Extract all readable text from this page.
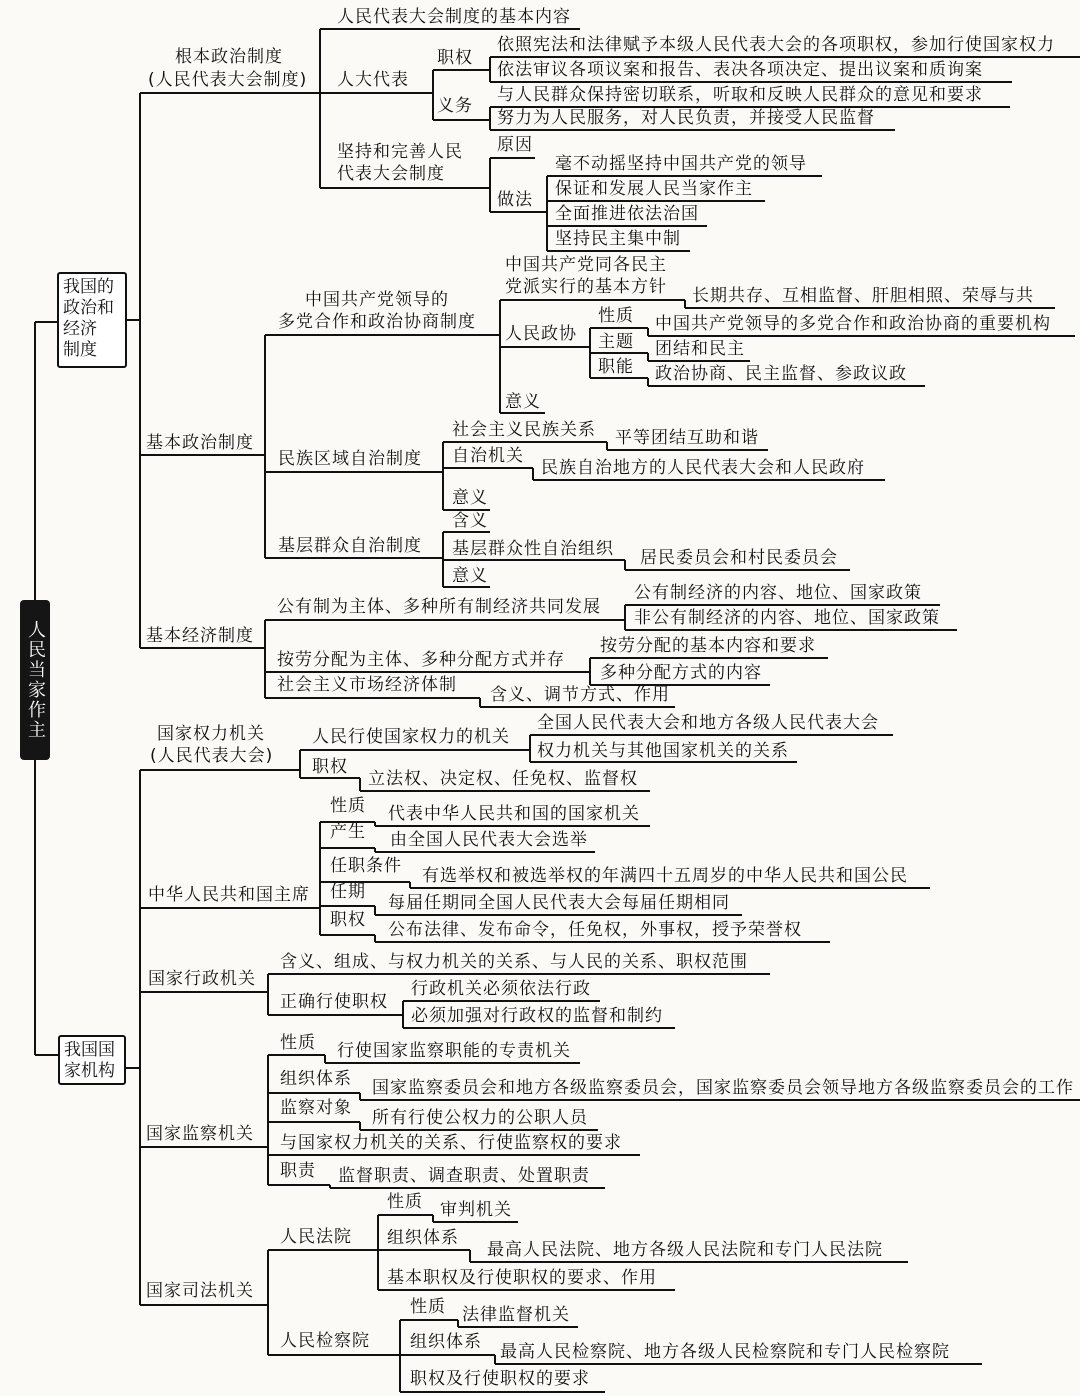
人民当家作主
我国的
政治和
经济
制度
我国国
家机构
根本政治制度
(人民代表大会制度)
人民代表大会制度的基本内容
人大代表
职权
义务
依照宪法和法律赋予本级人民代表大会的各项职权，参加行使国家权力
依法审议各项议案和报告、表决各项决定、提出议案和质询案
与人民群众保持密切联系，听取和反映人民群众的意见和要求
努力为人民服务，对人民负责，并接受人民监督
坚持和完善人民
代表大会制度
原因
做法
毫不动摇坚持中国共产党的领导
保证和发展人民当家作主
全面推进依法治国
坚持民主集中制
基本政治制度
中国共产党领导的
多党合作和政治协商制度
中国共产党同各民主
党派实行的基本方针 长期共存、互相监督、肝胆相照、荣辱与共
人民政协
性质
主题
职能
中国共产党领导的多党合作和政治协商的重要机构
团结和民主
政治协商、民主监督、参政议政
意义
民族区域自治制度
社会主义民族关系 平等团结互助和谐
自治机关
民族自治地方的人民代表大会和人民政府
意义
基层群众自治制度
含义
基层群众性自治组织 居民委员会和村民委员会
意义
基本经济制度
公有制为主体、多种所有制经济共同发展
公有制经济的内容、地位、国家政策
非公有制经济的内容、地位、国家政策
按劳分配为主体、多种分配方式并存
按劳分配的基本内容和要求
多种分配方式的内容
社会主义市场经济体制 含义、调节方式、作用
国家权力机关
(人民代表大会)
人民行使国家权力的机关
全国人民代表大会和地方各级人民代表大会
权力机关与其他国家机关的关系
职权
立法权、决定权、任免权、监督权
中华人民共和国主席
性质 代表中华人民共和国的国家机关
产生 由全国人民代表大会选举
任职条件 有选举权和被选举权的年满四十五周岁的中华人民共和国公民
任期
每届任期同全国人民代表大会每届任期相同
职权 公布法律、发布命令，任免权，外事权，授予荣誉权
国家行政机关
含义、组成、与权力机关的关系、与人民的关系、职权范围
正确行使职权
行政机关必须依法行政
必须加强对行政权的监督和制约
国家监察机关
性质 行使国家监察职能的专责机关
组织体系 国家监察委员会和地方各级监察委员会，国家监察委员会领导地方各级监察委员会的工作
监察对象 所有行使公权力的公职人员
与国家权力机关的关系、行使监察权的要求
职责 监督职责、调查职责、处置职责
国家司法机关
人民法院
性质 审判机关
组织体系
最高人民法院、地方各级人民法院和专门人民法院
基本职权及行使职权的要求、作用
人民检察院
性质 法律监督机关
组织体系 最高人民检察院、地方各级人民检察院和专门人民检察院
职权及行使职权的要求
